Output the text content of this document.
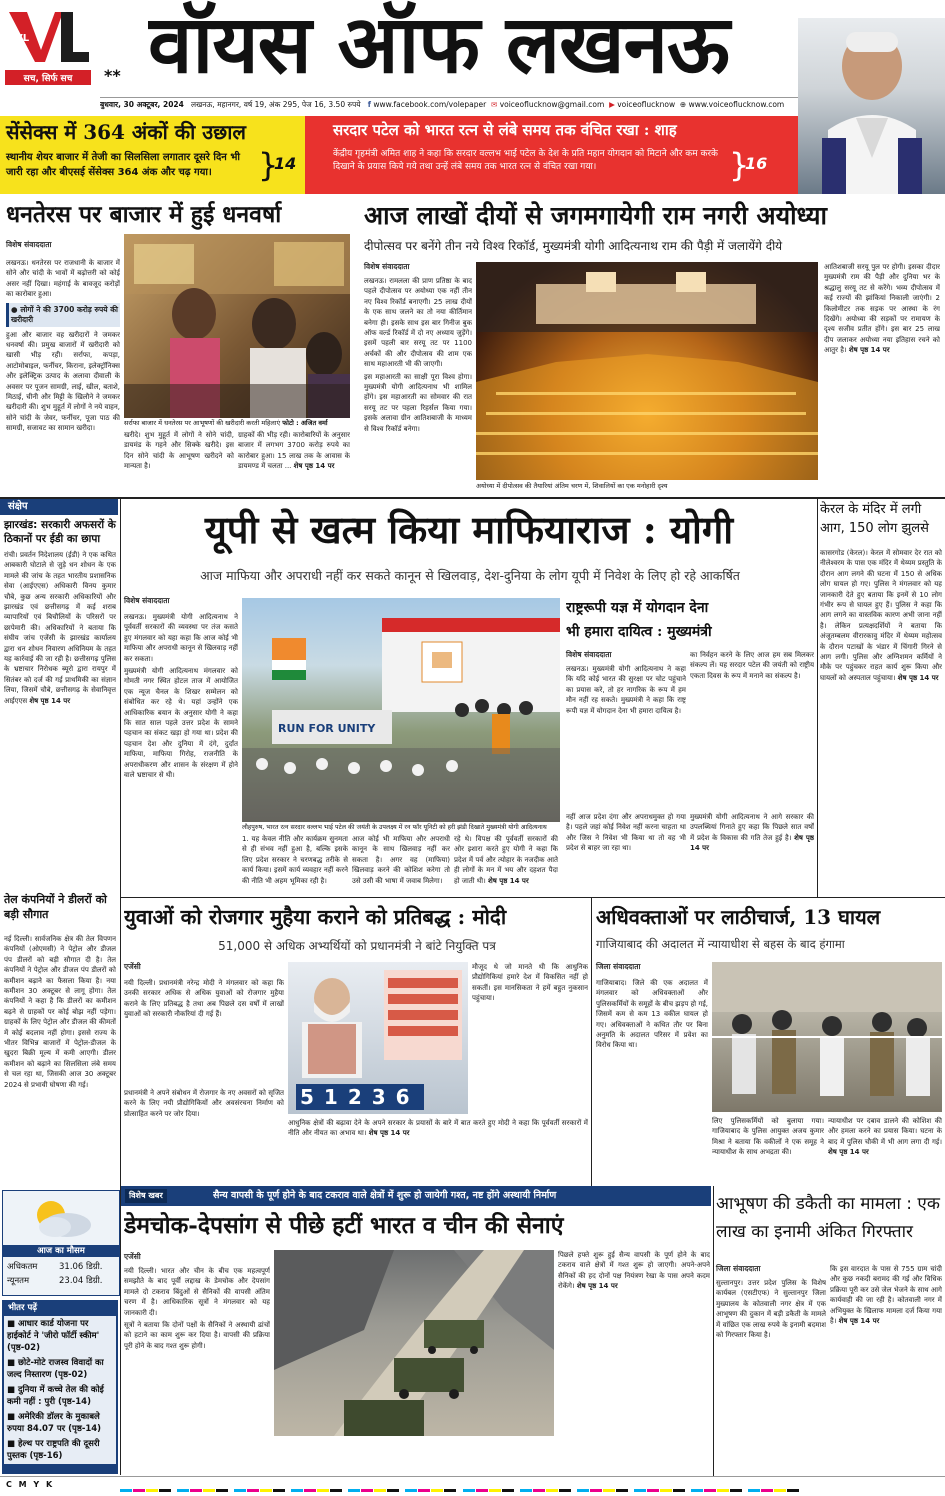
VL
सच, सिर्फ सच	** वॉयस ऑफ लखनऊ
बुधवार, 30 अक्टूबर, 2024 लखनऊ, महानगर, वर्ष 19, अंक 295, पेज 16, 3.50 रुपये f www.facebook.com/volepaper ✉ voiceoflucknow@gmail.com ▶ voiceoflucknow ⊕ www.voiceoflucknow.com
सेंसेक्स में 364 अंकों की उछाल
स्थानीय शेयर बाजार में तेजी का सिलसिला लगातार दूसरे दिन भी जारी रहा और बीएसई सेंसेक्स 364 अंक और चढ़ गया।	}
14
सरदार पटेल को भारत रत्न से लंबे समय तक वंचित रखा : शाह
केंद्रीय गृहमंत्री अमित शाह ने कहा कि सरदार वल्लभ भाई पटेल के देश के प्रति महान योगदान को मिटाने और कम करके दिखाने के प्रयास किये गये तथा उन्हें लंबे समय तक भारत रत्न से वंचित रखा गया।	}
16
धनतेरस पर बाजार में हुई धनवर्षा
विशेष संवाददाता

लखनऊ। धनतेरस पर राजधानी के बाजार में सोने और चांदी के भावों में बढ़ोत्तरी को कोई असर नहीं दिखा। महंगाई के बावजूद करोड़ों का कारोबार हुआ।

● लोगों ने की 3700 करोड़ रुपये की खरीदारी

हुआ और बाजार वह खरीदारों ने जमकर धनवर्षा की। प्रमुख बाजारों में खरीदारी को खासी भीड़ रही। सर्राफा, कपड़ा, आटोमोबाइल, फर्नीचर, किराना, इलेक्ट्रॉनिक्स और इलेक्ट्रिक उत्पाद के अलावा दीवाली के अवसर पर पूजन सामग्री, लाई, खील, बताशे, मिठाई, चीनी और मिट्टी के खिलौने ने जमकर खरीदारी की। शुभ मुहूर्त में लोगों ने नये वाहन, सोने चांदी के जेवर, फर्नीचर, पूजा पाठ की सामग्री, सजावट का सामान खरीदा।

सर्राफा बाजार में धनतेरस पर आभूषणों की खरीदारी करती महिलाएं फोटो : अजित वर्मा

खरीदे। शुभ मुहूर्त में लोगों ने सोने चांदी, डायमंड के गहने और सिक्के खरीदे। इस दिन सोने चांदी के आभूषण खरीदने को मान्यता है।

ग्राहकों की भीड़ रही। कारोबारियों के अनुसार बाजार में लगभग 3700 करोड़ रुपये का कारोबार हुआ। 15 लाख तक के आवास के डायमण्ड में चलता ... शेष पृष्ठ 14 पर

आज लाखों दीयों से जगमगायेगी राम नगरी अयोध्या
दीपोत्सव पर बनेंगे तीन नये विश्व रिकॉर्ड, मुख्यमंत्री योगी आदित्यनाथ राम की पैड़ी में जलायेंगे दीये
विशेष संवाददाता

लखनऊ। रामलला की प्राण प्रतिष्ठा के बाद पहले दीपोत्सव पर अयोध्या एक नहीं तीन नए विश्व रिकॉर्ड बनाएगी। 25 लाख दीयों के एक साथ जलने का तो नया कीर्तिमान बनेगा ही। इसके साथ इस बार गिनीज बुक ऑफ वर्ल्ड रिकॉर्ड में दो नए अध्याय जुड़ेंगे। इसमें पहली बार सरयू तट पर 1100 अर्चकों की और दीपोत्सव की शाम एक साथ महाआरती भी की जाएगी।

इस महाआरती का साक्षी पूरा विश्व होगा। मुख्यमंत्री योगी आदित्यनाथ भी शामिल होंगे। इस महाआरती का सोमवार की रात सरयू तट पर पहला रिहर्सल किया गया। इसके अलावा ग्रीन आतिशबाजी के माध्यम से विश्व रिकॉर्ड बनेगा।

अयोध्या में दीपोत्सव की तैयारियां अंतिम चरण में, शिवालियों का एक मनोहारी दृश्य

आतिशबाजी सरयू पुल पर होगी। इसका दीदार मुख्यमंत्री राम की पैड़ी और दुनिया भर के श्रद्धालु सरयू तट से करेंगे। भव्य दीपोत्सव में कई राज्यों की झांकियां निकाली जाएंगी। 2 किलोमीटर तक सड़क पर आस्था के रंग दिखेंगे। अयोध्या की सड़कों पर रामायण के दृश्य सजीव प्रतीत होंगे। इस बार 25 लाख दीप जलाकर अयोध्या नया इतिहास रचने को आतुर है। शेष पृष्ठ 14 पर

संक्षेप
झारखंड: सरकारी अफसरों के ठिकानों पर ईडी का छापा

रांची। प्रवर्तन निदेशालय (ईडी) ने एक कथित आबकारी घोटाले से जुड़े धन शोधन के एक मामले की जांच के तहत भारतीय प्रशासनिक सेवा (आईएएस) अधिकारी विनय कुमार चौबे, कुछ अन्य सरकारी अधिकारियों और झारखंड एवं छत्तीसगढ़ में कई शराब व्यापारियों एवं बिचौलियों के परिसरों पर छापेमारी की। अधिकारियों ने बताया कि संघीय जांच एजेंसी के झारखंड कार्यालय द्वारा धन शोधन निवारण अधिनियम के तहत यह कार्रवाई की जा रही है। छत्तीसगढ़ पुलिस के भ्रष्टाचार निरोधक ब्यूरो द्वारा रायपुर में सितंबर को दर्ज की गई प्राथमिकी का संज्ञान लिया, जिसमें चौबे, छत्तीसगढ़ के सेवानिवृत्त आईएएस शेष पृष्ठ 14 पर

तेल कंपनियों ने डीलरों को बड़ी सौगात

नई दिल्ली। सार्वजनिक क्षेत्र की तेल विपणन कंपनियों (ओएमसी) ने पेट्रोल और डीजल पंप डीलरों को बड़ी सौगात दी है। तेल कंपनियों ने पेट्रोल और डीजल पंप डीलरों को कमीशन बढ़ाने का फैसला किया है। नया कमीशन 30 अक्टूबर से लागू होगा। तेल कंपनियों ने कहा है कि डीलरों का कमीशन बढ़ने से ग्राहकों पर कोई बोझ नहीं पड़ेगा। ग्राहकों के लिए पेट्रोल और डीजल की कीमतों में कोई बदलाव नहीं होगा। इससे राज्य के भीतर विभिन्न बाजारों में पेट्रोल-डीजल के खुदरा बिक्री मूल्य में कमी आएगी। डीलर कमीशन को बढ़ाने का सिलसिला लंबे समय से चल रहा था, जिसकी आज 30 अक्टूबर 2024 से प्रभावी घोषणा की गई।

आज का मौसम
अधिकतम	31.06 डिग्री.
न्यूनतम	23.04 डिग्री.
भीतर पढ़ें
■ आधार कार्ड योजना पर हाईकोर्ट ने 'जीरो फॉर्टी स्कीम' (पृष्ठ-02)
■ छोटे-मोटे राजस्व विवादों का जल्द निस्तारण (पृष्ठ-02)
■ दुनिया में कच्चे तेल की कोई कमी नहीं : पुरी (पृष्ठ-14)
■ अमेरिकी डॉलर के मुकाबले रुपया 84.07 पर (पृष्ठ-14)
■ हेल्थ पर राष्ट्रपति की दूसरी पुस्तक (पृष्ठ-16)
यूपी से खत्म किया माफियाराज : योगी
आज माफिया और अपराधी नहीं कर सकते कानून से खिलवाड़, देश-दुनिया के लोग यूपी में निवेश के लिए हो रहे आकर्षित
विशेष संवाददाता

लखनऊ। मुख्यमंत्री योगी आदित्यनाथ ने पूर्ववर्ती सरकारों की व्यवस्था पर तंज कसते हुए मंगलवार को यहा कहा कि आज कोई भी माफिया और अपराधी कानून से खिलवाड़ नहीं कर सकता।

मुख्यमंत्री योगी आदित्यनाथ मंगलवार को गोमती नगर स्थित होटल ताज में आयोजित एक न्यूज चैनल के शिखर सम्मेलन को संबोधित कर रहे थे। यहां उन्होंने एक आधिकारिक बयान के अनुसार योगी ने कहा कि सात साल पहले उत्तर प्रदेश के सामने पहचान का संकट खड़ा हो गया था। प्रदेश की पहचान देश और दुनिया में दंगे, दुर्दांत माफिया, माफिया गिरोह, राजनीति के अपराधीकरण और शासन के संरक्षण में होने वाले भ्रष्टाचार से थी।

RUN FOR UNITY
लौहपुरुष, भारत रत्न सरदार वल्लभ भाई पटेल की जयंती के उपलक्ष्य में रन फॉर यूनिटी को हरी झंडी दिखाते मुख्यमंत्री योगी आदित्यनाथ

1. यह केवल नीति और कार्यक्रम सुनमता से ही संभव नहीं हुआ है, बल्कि इसके लिए प्रदेश सरकार ने चरणबद्ध तरीके से कार्य किया। इसमें कार्य व्यवहार नहीं करने की नीति भी अहम भूमिका रही है।

आज कोई भी माफिया और अपराधी कानून के साथ खिलवाड़ नहीं कर सकता है। अगर वह (माफिया) खिलवाड़ करने की कोशिश करेगा तो उसे उसी की भाषा में जवाब मिलेगा।

रहे थे। विपक्ष की पूर्ववर्ती सरकारों की ओर इशारा करते हुए योगी ने कहा कि प्रदेश में पर्व और त्योहार के नजदीक आते ही लोगों के मन में भय और दहशत पैदा हो जाती थी। शेष पृष्ठ 14 पर

राष्ट्ररूपी यज्ञ में योगदान देना
भी हमारा दायित्व : मुख्यमंत्री
विशेष संवाददाता

लखनऊ। मुख्यमंत्री योगी आदित्यनाथ ने कहा कि यदि कोई भारत की सुरक्षा पर चोट पहुंचाने का प्रयास करे, तो हर नागरिक के रूप में हम मौन नहीं रह सकते। मुख्यमंत्री ने कहा कि राष्ट्र रूपी यज्ञ में योगदान देना भी हमारा दायित्व है।

का निर्वहन करने के लिए आज हम सब मिलकर संकल्प लें। यह सरदार पटेल की जयंती को राष्ट्रीय एकता दिवस के रूप में मनाने का संकल्प है।

नहीं आज प्रदेश दंगा और अपराधमुक्त हो गया है। पहले जहां कोई निवेश नहीं करना चाहता था और जिस ने निवेश भी किया था तो वह भी प्रदेश से बाहर जा रहा था।

मुख्यमंत्री योगी आदित्यनाथ ने आगे सरकार की उपलब्धियां गिनाते हुए कहा कि पिछले सात वर्षों में प्रदेश के विकास की गति तेज हुई है। शेष पृष्ठ 14 पर

केरल के मंदिर में लगी आग, 150 लोग झुलसे

कासरगोड (केरल)। केरल में सोमवार देर रात को नीलेश्वरम के पास एक मंदिर में थेय्यम प्रस्तुति के दौरान आग लगने की घटना में 150 से अधिक लोग घायल हो गए। पुलिस ने मंगलवार को यह जानकारी देते हुए बताया कि इनमें से 10 लोग गंभीर रूप से घायल हुए हैं। पुलिस ने कहा कि आग लगने का वास्तविक कारण अभी जाना नहीं है। लेकिन प्रत्यक्षदर्शियों ने बताया कि अंजूतम्बलम वीरारकावु मंदिर में थेय्यम महोत्सव के दौरान पटाखों के भंडार में चिंगारी गिरने से आग लगी। पुलिस और अग्निशमन कर्मियों ने मौके पर पहुंचकर राहत कार्य शुरू किया और घायलों को अस्पताल पहुंचाया। शेष पृष्ठ 14 पर

युवाओं को रोजगार मुहैया कराने को प्रतिबद्ध : मोदी
51,000 से अधिक अभ्यर्थियों को प्रधानमंत्री ने बांटे नियुक्ति पत्र
एजेंसी

नयी दिल्ली। प्रधानमंत्री नरेन्द्र मोदी ने मंगलवार को कहा कि उनकी सरकार अधिक से अधिक युवाओं को रोजगार मुहैया कराने के लिए प्रतिबद्ध है तथा अब पिछले दस वर्षों में लाखों युवाओं को सरकारी नौकरियां दी गई हैं।

51236

प्रधानमंत्री ने अपने संबोधन में रोजगार के नए अवसरों को सृजित करने के लिए नयी प्रौद्योगिकियों और अवसंरचना निर्माण को प्रोत्साहित करने पर जोर दिया।

मौजूद थे जो मानते थी कि आधुनिक प्रौद्योगिकियां हमारे देश में विकसित नहीं हो सकतीं। इस मानसिकता ने हमें बहुत नुकसान पहुंचाया।

आधुनिक क्षेत्रों की बढ़ावा देने के अपने सरकार के प्रयासों के बारे में बात करते हुए मोदी ने कहा कि पूर्ववर्ती सरकारों में नीति और नीयत का अभाव था। शेष पृष्ठ 14 पर

अधिवक्ताओं पर लाठीचार्ज, 13 घायल
गाजियाबाद की अदालत में न्यायाधीश से बहस के बाद हंगामा
जिला संवाददाता

गाजियाबाद। जिले की एक अदालत में मंगलवार को अधिवक्ताओं और पुलिसकर्मियों के समूहों के बीच झड़प हो गई, जिसमें कम से कम 13 वकील घायल हो गए। अधिवक्ताओं ने कथित तौर पर बिना अनुमति के अदालत परिसर में प्रवेश का विरोध किया था।

लिए पुलिसकर्मियों को बुलाया गया। गाजियाबाद के पुलिस आयुक्त अजय कुमार मिश्रा ने बताया कि वकीलों ने एक समूह ने न्यायाधीश के साथ अभद्रता की।

न्यायाधीश पर दबाव डालने की कोशिश की और हमला करने का प्रयास किया। घटना के बाद में पुलिस चौकी में भी आग लगा दी गई। शेष पृष्ठ 14 पर

विशेष खबर	सैन्य वापसी के पूर्ण होने के बाद टकराव वाले क्षेत्रों में शुरू हो जायेगी गश्त, नष्ट होंगे अस्थायी निर्माण
डेमचोक-देपसांग से पीछे हटीं भारत व चीन की सेनाएं
एजेंसी

नयी दिल्ली। भारत और चीन के बीच एक महत्वपूर्ण समझौते के बाद पूर्वी लद्दाख के डेमचोक और देपसांग मामले दो टकराव बिंदुओं से सैनिकों की वापसी अंतिम चरण में है। आधिकारिक सूत्रों ने मंगलवार को यह जानकारी दी।

सूत्रों ने बताया कि दोनों पक्षों के सैनिकों ने अस्थायी ढांचों को हटाने का काम शुरू कर दिया है। वापसी की प्रक्रिया पूरी होने के बाद गश्त शुरू होगी।

पिछले हफ्ते शुरू हुई सैन्य वापसी के पूर्ण होने के बाद टकराव वाले क्षेत्रों में गश्त शुरू हो जाएगी। अपने-अपने सैनिकों की हद दोनों पक्ष नियंत्रण रेखा के पास अपने कदम रोकेंगे। शेष पृष्ठ 14 पर

आभूषण की डकैती का मामला : एक लाख का इनामी अंकित गिरफ्तार
जिला संवाददाता

सुल्तानपुर। उत्तर प्रदेश पुलिस के विशेष कार्यबल (एसटीएफ) ने सुल्तानपुर जिला मुख्यालय के कोतवाली नगर क्षेत्र में एक आभूषण की दुकान में बड़ी डकैती के मामले में वांछित एक लाख रुपये के इनामी बदमाश को गिरफ्तार किया है।

कि इस वारदात के पास से 755 ग्राम चांदी और कुछ नकदी बरामद की गई और विधिक प्रक्रिया पूरी कर उसे जेल भेजने के साथ आगे कार्यवाही की जा रही है। कोतवाली नगर में अभियुक्त के खिलाफ मामला दर्ज किया गया है। शेष पृष्ठ 14 पर

C M Y K
